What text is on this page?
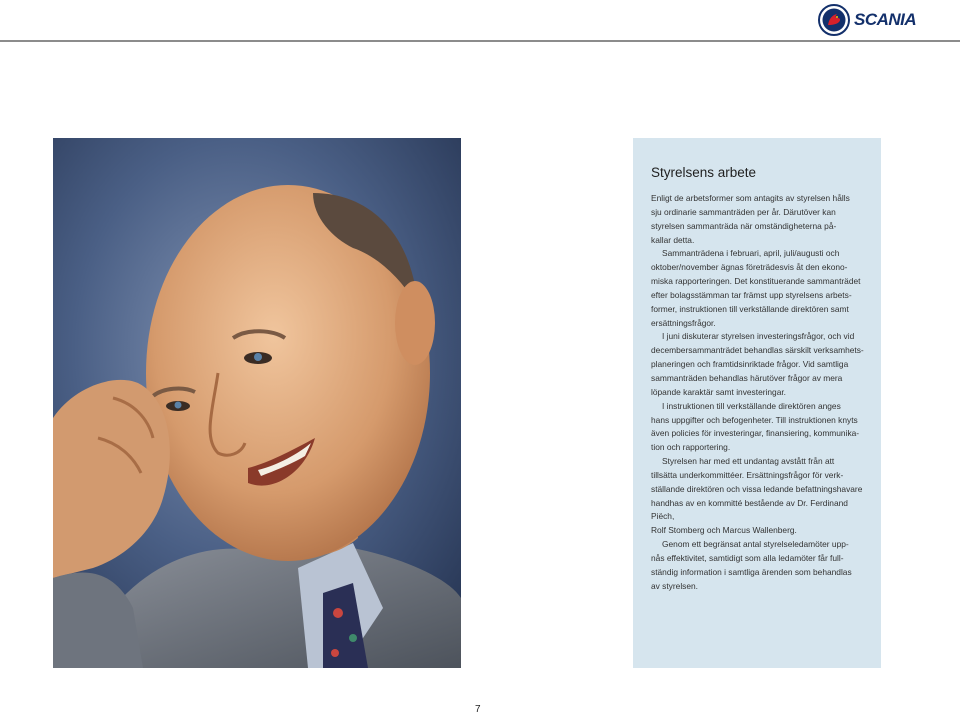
SCANIA
Styrelsens arbete

Enligt de arbetsformer som antagits av styrelsen hålls

sju ordinarie sammanträden per år. Därutöver kan

styrelsen sammanträda när omständigheterna på-

kallar detta.

Sammanträdena i februari, april, juli/augusti och

oktober/november ägnas företrädesvis åt den ekono-

miska rapporteringen. Det konstituerande sammanträdet

efter bolagsstämman tar främst upp styrelsens arbets-

former, instruktionen till verkställande direktören samt

ersättningsfrågor.

I juni diskuterar styrelsen investeringsfrågor, och vid

decembersammanträdet behandlas särskilt verksamhets-

planeringen och framtidsinriktade frågor. Vid samtliga

sammanträden behandlas härutöver frågor av mera

löpande karaktär samt investeringar.

I instruktionen till verkställande direktören anges

hans uppgifter och befogenheter. Till instruktionen knyts

även policies för investeringar, finansiering, kommunika-

tion och rapportering.

Styrelsen har med ett undantag avstått från att

tillsätta underkommittéer. Ersättningsfrågor för verk-

ställande direktören och vissa ledande befattningshavare

handhas av en kommitté bestående av Dr. Ferdinand Piëch,

Rolf Stomberg och Marcus Wallenberg.

Genom ett begränsat antal styrelseledamöter upp-

nås effektivitet, samtidigt som alla ledamöter får full-

ständig information i samtliga ärenden som behandlas

av styrelsen.

7
